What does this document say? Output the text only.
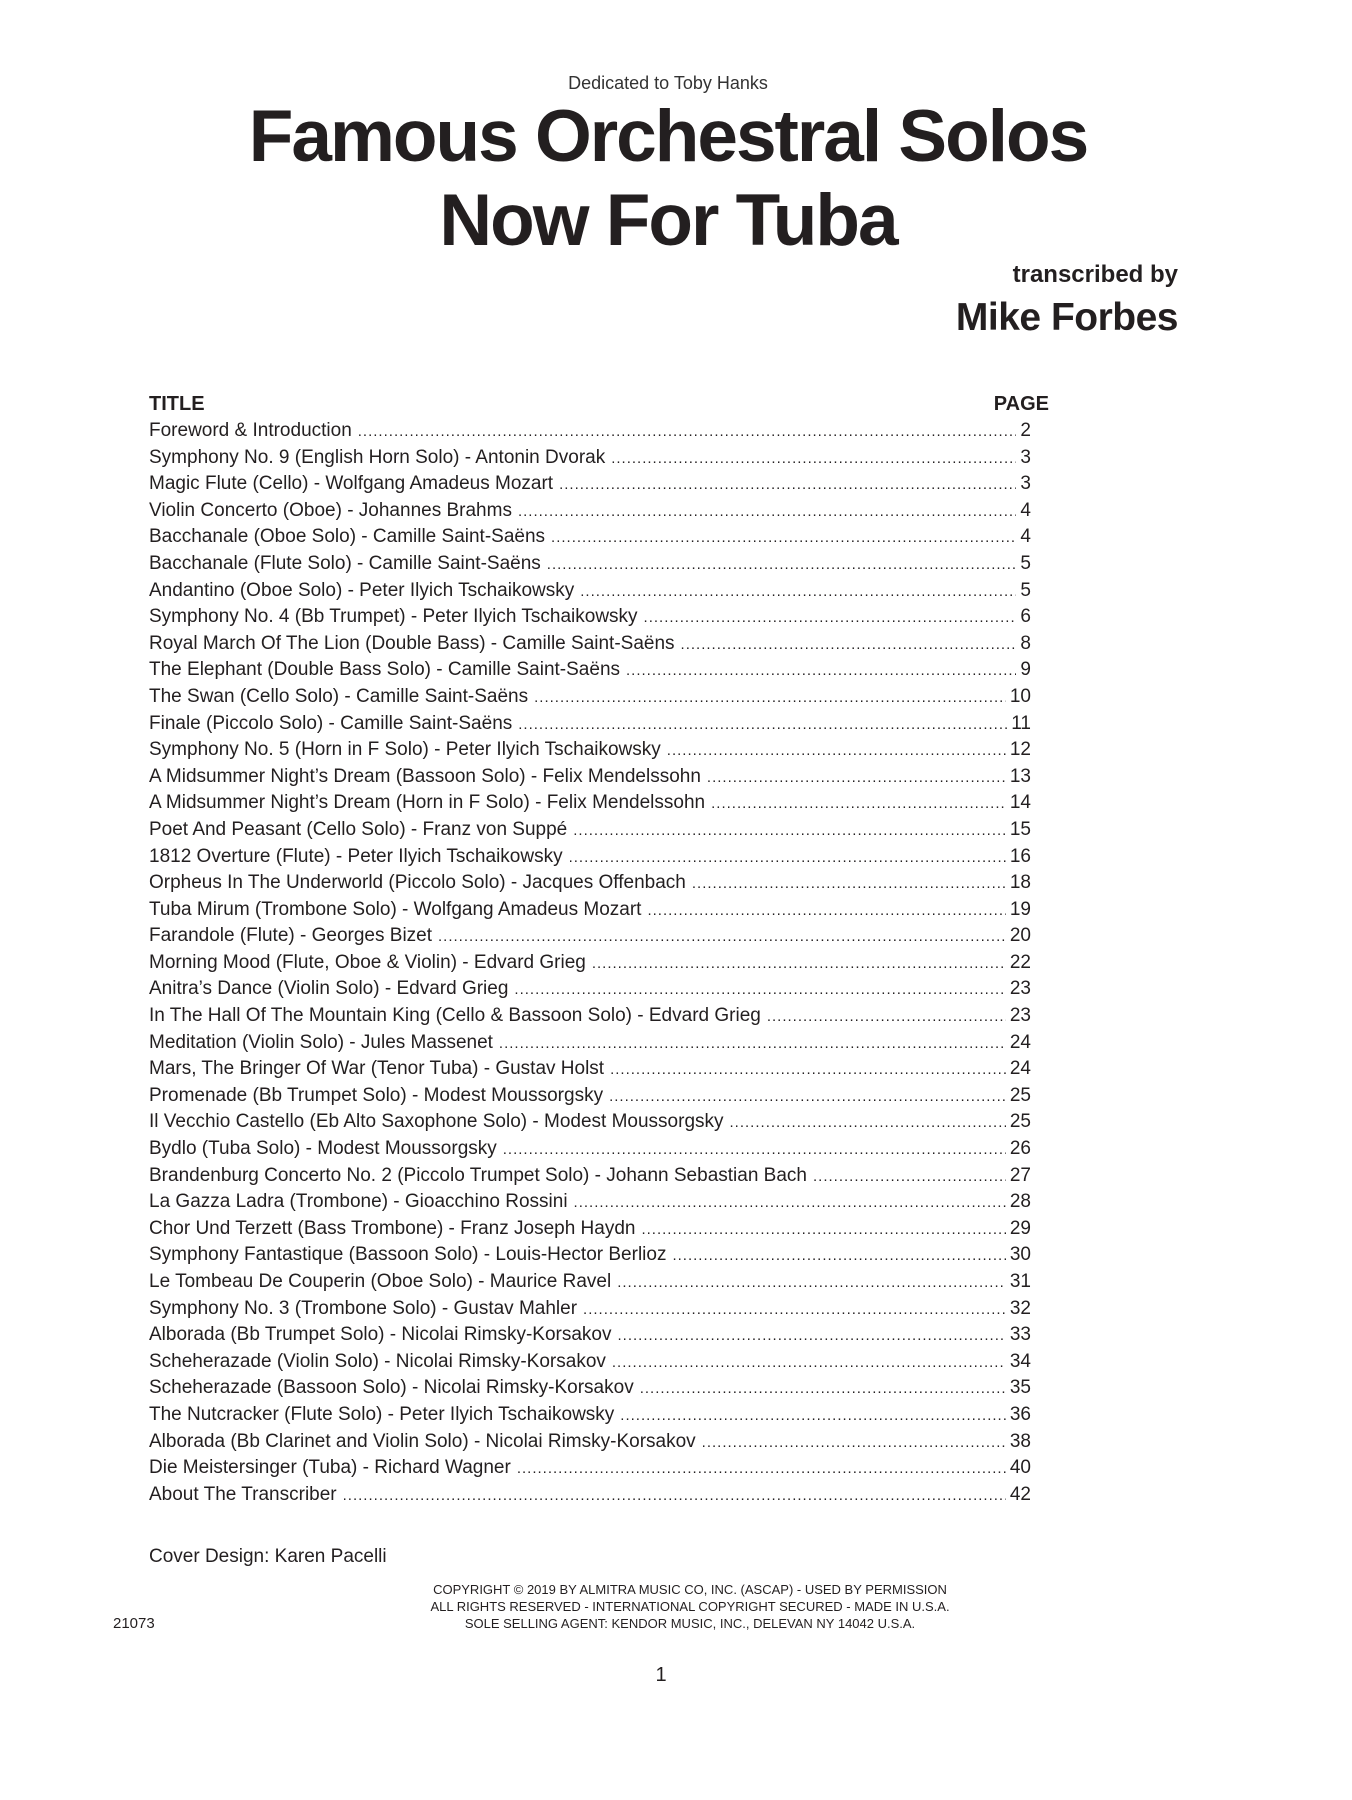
Dedicated to Toby Hanks
Famous Orchestral Solos
Now For Tuba
transcribed by
Mike Forbes
TITLE	PAGE
Foreword & Introduction .....	2
Symphony No. 9 (English Horn Solo) - Antonin Dvorak .....	3
Magic Flute (Cello) - Wolfgang Amadeus Mozart .....	3
Violin Concerto (Oboe) - Johannes Brahms .....	4
Bacchanale (Oboe Solo) - Camille Saint-Saëns .....	4
Bacchanale (Flute Solo) - Camille Saint-Saëns .....	5
Andantino (Oboe Solo) - Peter Ilyich Tschaikowsky .....	5
Symphony No. 4 (Bb Trumpet) - Peter Ilyich Tschaikowsky .....	6
Royal March Of The Lion (Double Bass) - Camille Saint-Saëns .....	8
The Elephant (Double Bass Solo) - Camille Saint-Saëns .....	9
The Swan (Cello Solo) - Camille Saint-Saëns .....	10
Finale (Piccolo Solo) - Camille Saint-Saëns .....	11
Symphony No. 5 (Horn in F Solo) - Peter Ilyich Tschaikowsky .....	12
A Midsummer Night’s Dream (Bassoon Solo) - Felix Mendelssohn .....	13
A Midsummer Night’s Dream (Horn in F Solo) - Felix Mendelssohn .....	14
Poet And Peasant (Cello Solo) - Franz von Suppé .....	15
1812 Overture (Flute) - Peter Ilyich Tschaikowsky .....	16
Orpheus In The Underworld (Piccolo Solo) - Jacques Offenbach .....	18
Tuba Mirum (Trombone Solo) - Wolfgang Amadeus Mozart .....	19
Farandole (Flute) - Georges Bizet .....	20
Morning Mood (Flute, Oboe & Violin) - Edvard Grieg .....	22
Anitra’s Dance (Violin Solo) - Edvard Grieg .....	23
In The Hall Of The Mountain King (Cello & Bassoon Solo) - Edvard Grieg .....	23
Meditation (Violin Solo) - Jules Massenet .....	24
Mars, The Bringer Of War (Tenor Tuba) - Gustav Holst .....	24
Promenade (Bb Trumpet Solo) - Modest Moussorgsky .....	25
Il Vecchio Castello (Eb Alto Saxophone Solo) - Modest Moussorgsky .....	25
Bydlo (Tuba Solo) - Modest Moussorgsky .....	26
Brandenburg Concerto No. 2 (Piccolo Trumpet Solo) - Johann Sebastian Bach .....	27
La Gazza Ladra (Trombone) - Gioacchino Rossini .....	28
Chor Und Terzett (Bass Trombone) - Franz Joseph Haydn .....	29
Symphony Fantastique (Bassoon Solo) - Louis-Hector Berlioz .....	30
Le Tombeau De Couperin (Oboe Solo) - Maurice Ravel .....	31
Symphony No. 3 (Trombone Solo) - Gustav Mahler .....	32
Alborada (Bb Trumpet Solo) - Nicolai Rimsky-Korsakov .....	33
Scheherazade (Violin Solo) - Nicolai Rimsky-Korsakov .....	34
Scheherazade (Bassoon Solo) - Nicolai Rimsky-Korsakov .....	35
The Nutcracker (Flute Solo) - Peter Ilyich Tschaikowsky .....	36
Alborada (Bb Clarinet and Violin Solo) - Nicolai Rimsky-Korsakov .....	38
Die Meistersinger (Tuba) - Richard Wagner .....	40
About The Transcriber .....	42
Cover Design: Karen Pacelli
COPYRIGHT © 2019 BY ALMITRA MUSIC CO, INC. (ASCAP) - USED BY PERMISSION
ALL RIGHTS RESERVED - INTERNATIONAL COPYRIGHT SECURED - MADE IN U.S.A.
SOLE SELLING AGENT: KENDOR MUSIC, INC., DELEVAN NY 14042 U.S.A.
21073
1
